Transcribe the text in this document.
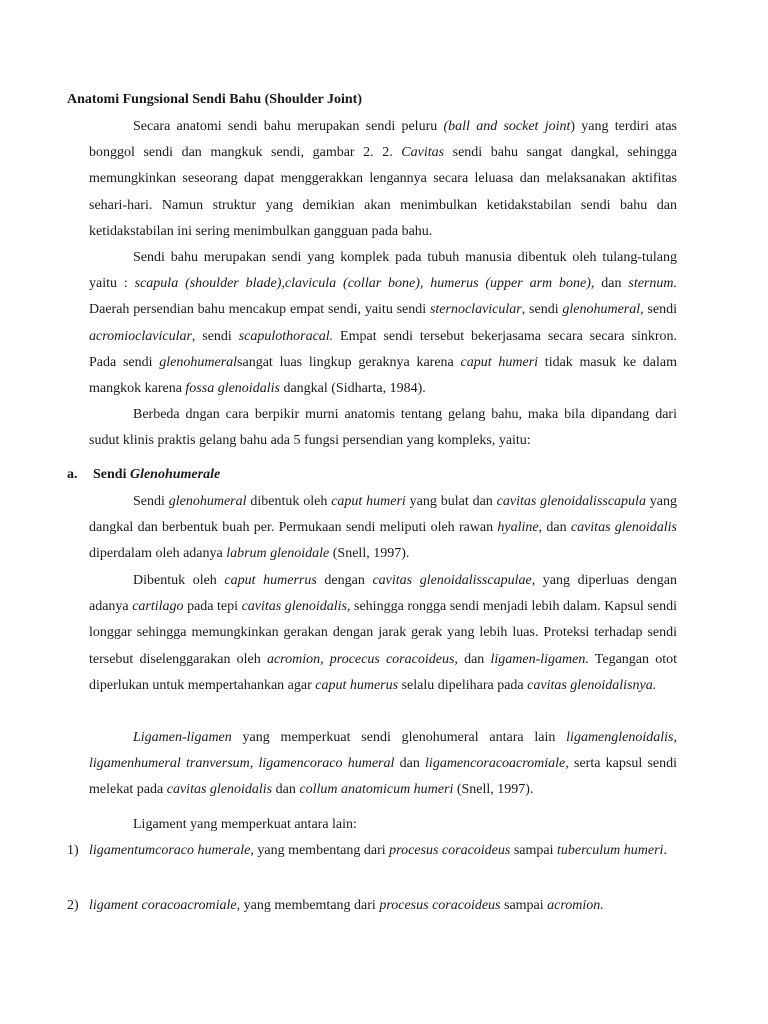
Anatomi Fungsional Sendi Bahu (Shoulder Joint)

Secara anatomi sendi bahu merupakan sendi peluru (ball and socket joint) yang terdiri atas bonggol sendi dan mangkuk sendi, gambar 2. 2. Cavitas sendi bahu sangat dangkal, sehingga memungkinkan seseorang dapat menggerakkan lengannya secara leluasa dan melaksanakan aktifitas sehari-hari. Namun struktur yang demikian akan menimbulkan ketidakstabilan sendi bahu dan ketidakstabilan ini sering menimbulkan gangguan pada bahu.

Sendi bahu merupakan sendi yang komplek pada tubuh manusia dibentuk oleh tulang-tulang yaitu : scapula (shoulder blade),clavicula (collar bone), humerus (upper arm bone), dan sternum. Daerah persendian bahu mencakup empat sendi, yaitu sendi sternoclavicular, sendi glenohumeral, sendi acromioclavicular, sendi scapulothoracal. Empat sendi tersebut bekerjasama secara secara sinkron. Pada sendi glenohumeralsangat luas lingkup geraknya karena caput humeri tidak masuk ke dalam mangkok karena fossa glenoidalis dangkal (Sidharta, 1984).

Berbeda dngan cara berpikir murni anatomis tentang gelang bahu, maka bila dipandang dari sudut klinis praktis gelang bahu ada 5 fungsi persendian yang kompleks, yaitu:

a. Sendi Glenohumerale

Sendi glenohumeral dibentuk oleh caput humeri yang bulat dan cavitas glenoidalisscapula yang dangkal dan berbentuk buah per. Permukaan sendi meliputi oleh rawan hyaline, dan cavitas glenoidalis diperdalam oleh adanya labrum glenoidale (Snell, 1997).

Dibentuk oleh caput humerrus dengan cavitas glenoidalisscapulae, yang diperluas dengan adanya cartilago pada tepi cavitas glenoidalis, sehingga rongga sendi menjadi lebih dalam. Kapsul sendi longgar sehingga memungkinkan gerakan dengan jarak gerak yang lebih luas. Proteksi terhadap sendi tersebut diselenggarakan oleh acromion, procecus coracoideus, dan ligamen-ligamen. Tegangan otot diperlukan untuk mempertahankan agar caput humerus selalu dipelihara pada cavitas glenoidalisnya.

Ligamen-ligamen yang memperkuat sendi glenohumeral antara lain ligamenglenoidalis, ligamenhumeral tranversum, ligamencoraco humeral dan ligamencoracoacromiale, serta kapsul sendi melekat pada cavitas glenoidalis dan collum anatomicum humeri (Snell, 1997).

Ligament yang memperkuat antara lain:

1) ligamentumcoraco humerale, yang membentang dari procesus coracoideus sampai tuberculum humeri.
2) ligament coracoacromiale, yang membemtang dari procesus coracoideus sampai acromion.
